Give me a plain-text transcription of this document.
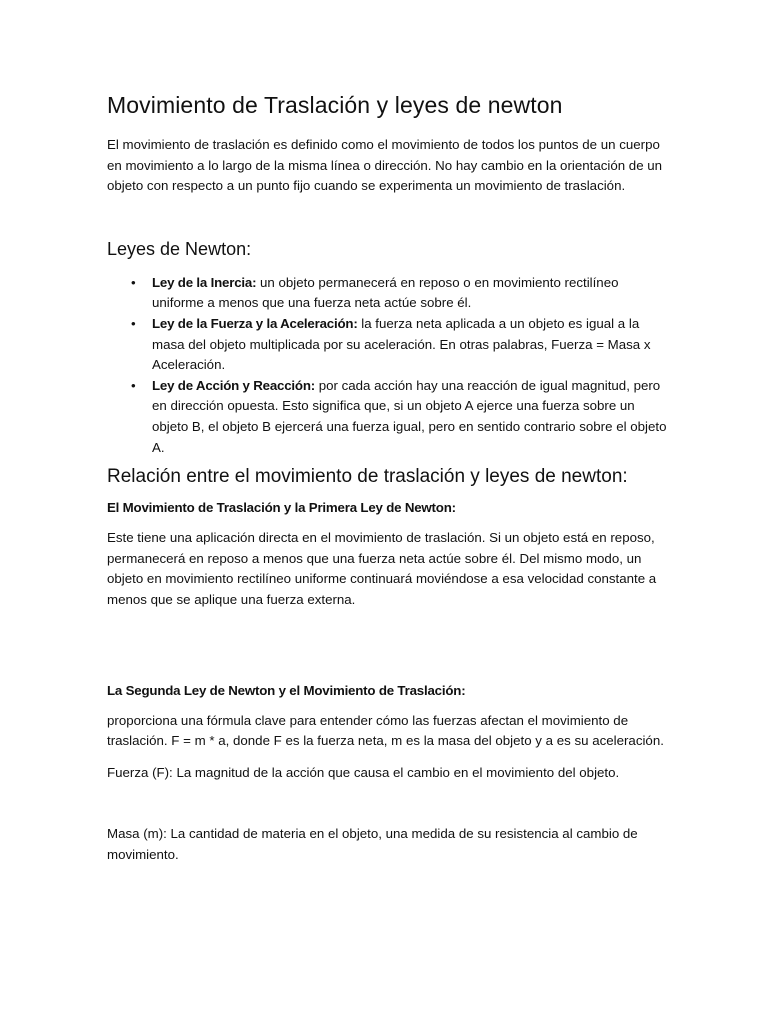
Movimiento de Traslación y leyes de newton

El movimiento de traslación es definido como el movimiento de todos los puntos de un cuerpo en movimiento a lo largo de la misma línea o dirección. No hay cambio en la orientación de un objeto con respecto a un punto fijo cuando se experimenta un movimiento de traslación.

Leyes de Newton:
• Ley de la Inercia: un objeto permanecerá en reposo o en movimiento rectilíneo uniforme a menos que una fuerza neta actúe sobre él.
• Ley de la Fuerza y la Aceleración: la fuerza neta aplicada a un objeto es igual a la masa del objeto multiplicada por su aceleración. En otras palabras, Fuerza = Masa x Aceleración.
• Ley de Acción y Reacción: por cada acción hay una reacción de igual magnitud, pero en dirección opuesta. Esto significa que, si un objeto A ejerce una fuerza sobre un objeto B, el objeto B ejercerá una fuerza igual, pero en sentido contrario sobre el objeto A.
Relación entre el movimiento de traslación y leyes de newton:
El Movimiento de Traslación y la Primera Ley de Newton:

Este tiene una aplicación directa en el movimiento de traslación. Si un objeto está en reposo, permanecerá en reposo a menos que una fuerza neta actúe sobre él. Del mismo modo, un objeto en movimiento rectilíneo uniforme continuará moviéndose a esa velocidad constante a menos que se aplique una fuerza externa.

La Segunda Ley de Newton y el Movimiento de Traslación:

proporciona una fórmula clave para entender cómo las fuerzas afectan el movimiento de traslación. F = m * a, donde F es la fuerza neta, m es la masa del objeto y a es su aceleración.

Fuerza (F): La magnitud de la acción que causa el cambio en el movimiento del objeto.

Masa (m): La cantidad de materia en el objeto, una medida de su resistencia al cambio de movimiento.
